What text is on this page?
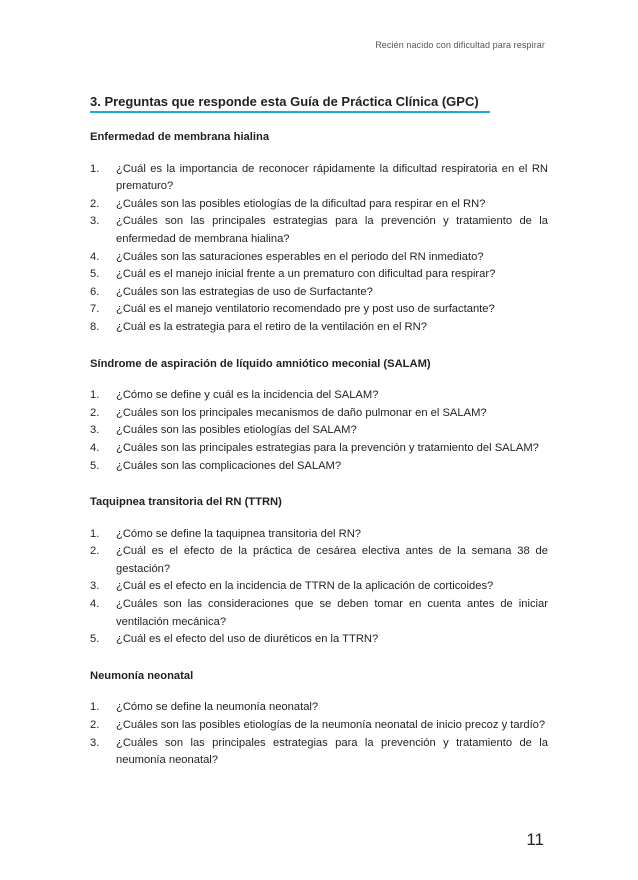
Recién nacido con dificultad para respirar
3. Preguntas que responde esta Guía de Práctica Clínica (GPC)
Enfermedad de membrana hialina
1.	¿Cuál es la importancia de reconocer rápidamente la dificultad respiratoria en el RN prematuro?
2.	¿Cuáles son las posibles etiologías de la dificultad para respirar en el RN?
3.	¿Cuáles son las principales estrategias para la prevención y tratamiento de la enfermedad de membrana hialina?
4.	¿Cuáles son las saturaciones esperables en el periodo del RN inmediato?
5.	¿Cuál es el manejo inicial frente a un prematuro con dificultad para respirar?
6.	¿Cuáles son las estrategias de uso de Surfactante?
7.	¿Cuál es el manejo ventilatorio recomendado pre y post uso de surfactante?
8.	¿Cuál es la estrategia para el retiro de la ventilación en el RN?
Síndrome de aspiración de líquido amniótico meconial (SALAM)
1.	¿Cómo se define y cuál es la incidencia del SALAM?
2.	¿Cuáles son los principales mecanismos de daño pulmonar en el SALAM?
3.	¿Cuáles son las posibles etiologías del SALAM?
4.	¿Cuáles son las principales estrategias para la prevención y tratamiento del SALAM?
5.	¿Cuáles son las complicaciones del SALAM?
Taquipnea transitoria del RN (TTRN)
1.	¿Cómo se define la taquipnea transitoria del RN?
2.	¿Cuál es el efecto de la práctica de cesárea electiva antes de la semana 38 de gestación?
3.	¿Cuál es el efecto en la incidencia de TTRN de la aplicación de corticoides?
4.	¿Cuáles son las consideraciones que se deben tomar en cuenta antes de iniciar ventilación mecánica?
5.	¿Cuál es el efecto del uso de diuréticos en la TTRN?
Neumonía neonatal
1.	¿Cómo se define la neumonía neonatal?
2.	¿Cuáles son las posibles etiologías de la neumonía neonatal de inicio precoz y tardío?
3.	¿Cuáles son las principales estrategias para la prevención y tratamiento de la neumonía neonatal?
11
